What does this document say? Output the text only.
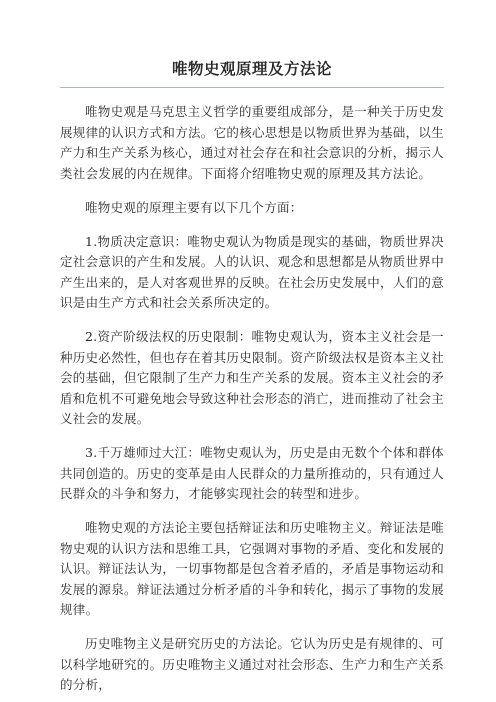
唯物史观原理及方法论

唯物史观是马克思主义哲学的重要组成部分，是一种关于历史发展规律的认识方式和方法。它的核心思想是以物质世界为基础，以生产力和生产关系为核心，通过对社会存在和社会意识的分析，揭示人类社会发展的内在规律。下面将介绍唯物史观的原理及其方法论。

唯物史观的原理主要有以下几个方面：

1.物质决定意识：唯物史观认为物质是现实的基础，物质世界决定社会意识的产生和发展。人的认识、观念和思想都是从物质世界中产生出来的，是人对客观世界的反映。在社会历史发展中，人们的意识是由生产方式和社会关系所决定的。

2.资产阶级法权的历史限制：唯物史观认为，资本主义社会是一种历史必然性，但也存在着其历史限制。资产阶级法权是资本主义社会的基础，但它限制了生产力和生产关系的发展。资本主义社会的矛盾和危机不可避免地会导致这种社会形态的消亡，进而推动了社会主义社会的发展。

3.千万雄师过大江：唯物史观认为，历史是由无数个个体和群体共同创造的。历史的变革是由人民群众的力量所推动的，只有通过人民群众的斗争和努力，才能够实现社会的转型和进步。

唯物史观的方法论主要包括辩证法和历史唯物主义。辩证法是唯物史观的认识方法和思维工具，它强调对事物的矛盾、变化和发展的认识。辩证法认为，一切事物都是包含着矛盾的，矛盾是事物运动和发展的源泉。辩证法通过分析矛盾的斗争和转化，揭示了事物的发展规律。

历史唯物主义是研究历史的方法论。它认为历史是有规律的、可以科学地研究的。历史唯物主义通过对社会形态、生产力和生产关系的分析，
